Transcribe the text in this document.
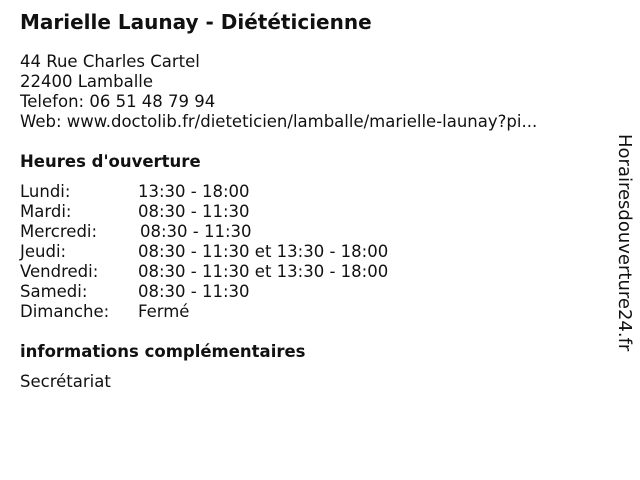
Marielle Launay - Diététicienne
44 Rue Charles Cartel
22400 Lamballe
Telefon: 06 51 48 79 94
Web: www.doctolib.fr/dieteticien/lamballe/marielle-launay?pi...
Heures d'ouverture
Lundi:	13:30 - 18:00
Mardi:	08:30 - 11:30
Mercredi:	08:30 - 11:30
Jeudi:	08:30 - 11:30 et 13:30 - 18:00
Vendredi: 08:30 - 11:30 et 13:30 - 18:00
Samedi:	08:30 - 11:30
Dimanche: Fermé
informations complémentaires
Secrétariat
Horairesdouverture24.fr
